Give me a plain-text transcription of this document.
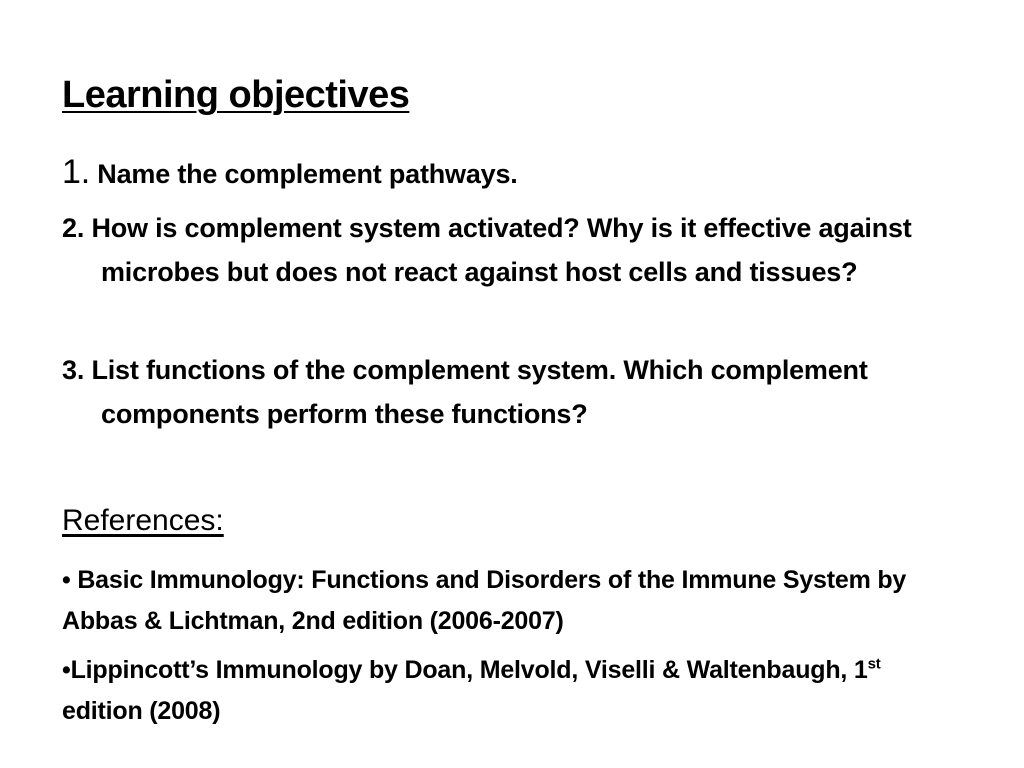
Learning objectives

1. Name the complement pathways.

2. How is complement system activated? Why is it effective against microbes but does not react against host cells and tissues?

3. List functions of the complement system. Which complement components perform these functions?

References:

• Basic Immunology: Functions and Disorders of the Immune System by Abbas & Lichtman, 2nd edition (2006-2007)

•Lippincott’s Immunology by Doan, Melvold, Viselli & Waltenbaugh, 1st edition (2008)
